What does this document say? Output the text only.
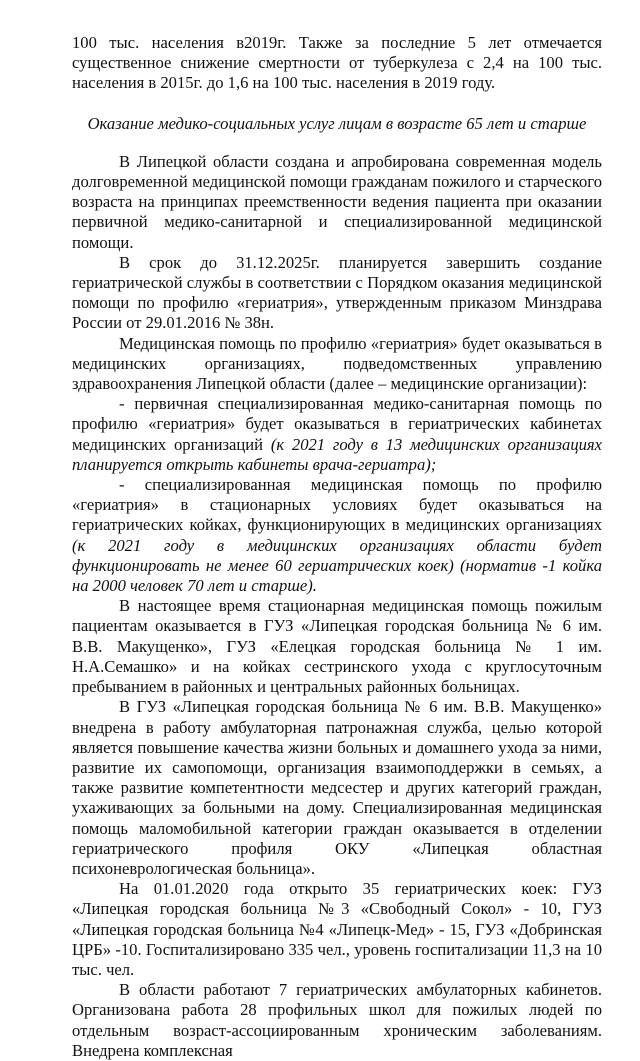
100 тыс. населения в2019г. Также за последние 5 лет отмечается существенное снижение смертности от туберкулеза с 2,4 на 100 тыс. населения в 2015г. до 1,6 на 100 тыс. населения в 2019 году.

Оказание медико-социальных услуг лицам в возрасте 65 лет и старше

В Липецкой области создана и апробирована современная модель долговременной медицинской помощи гражданам пожилого и старческого возраста на принципах преемственности ведения пациента при оказании первичной медико-санитарной и специализированной медицинской помощи.

В срок до 31.12.2025г. планируется завершить создание гериатрической службы в соответствии с Порядком оказания медицинской помощи по профилю «гериатрия», утвержденным приказом Минздрава России от 29.01.2016 № 38н.

Медицинская помощь по профилю «гериатрия» будет оказываться в медицинских организациях, подведомственных управлению здравоохранения Липецкой области (далее – медицинские организации):

- первичная специализированная медико-санитарная помощь по профилю «гериатрия» будет оказываться в гериатрических кабинетах медицинских организаций (к 2021 году в 13 медицинских организациях планируется открыть кабинеты врача-гериатра);

- специализированная медицинская помощь по профилю «гериатрия» в стационарных условиях будет оказываться на гериатрических койках, функционирующих в медицинских организациях (к 2021 году в медицинских организациях области будет функционировать не менее 60 гериатрических коек) (норматив -1 койка на 2000 человек 70 лет и старше).

В настоящее время стационарная медицинская помощь пожилым пациентам оказывается в ГУЗ «Липецкая городская больница № 6 им. В.В. Макущенко», ГУЗ «Елецкая городская больница № 1 им. Н.А.Семашко» и на койках сестринского ухода с круглосуточным пребыванием в районных и центральных районных больницах.

В ГУЗ «Липецкая городская больница № 6 им. В.В. Макущенко» внедрена в работу амбулаторная патронажная служба, целью которой является повышение качества жизни больных и домашнего ухода за ними, развитие их самопомощи, организация взаимоподдержки в семьях, а также развитие компетентности медсестер и других категорий граждан, ухаживающих за больными на дому. Специализированная медицинская помощь маломобильной категории граждан оказывается в отделении гериатрического профиля ОКУ «Липецкая областная психоневрологическая больница».

На 01.01.2020 года открыто 35 гериатрических коек: ГУЗ «Липецкая городская больница №3 «Свободный Сокол» - 10, ГУЗ «Липецкая городская больница №4 «Липецк-Мед» - 15, ГУЗ «Добринская ЦРБ» -10. Госпитализировано 335 чел., уровень госпитализации 11,3 на 10 тыс. чел.

В области работают 7 гериатрических амбулаторных кабинетов. Организована работа 28 профильных школ для пожилых людей по отдельным возраст-ассоциированным хроническим заболеваниям. Внедрена комплексная
